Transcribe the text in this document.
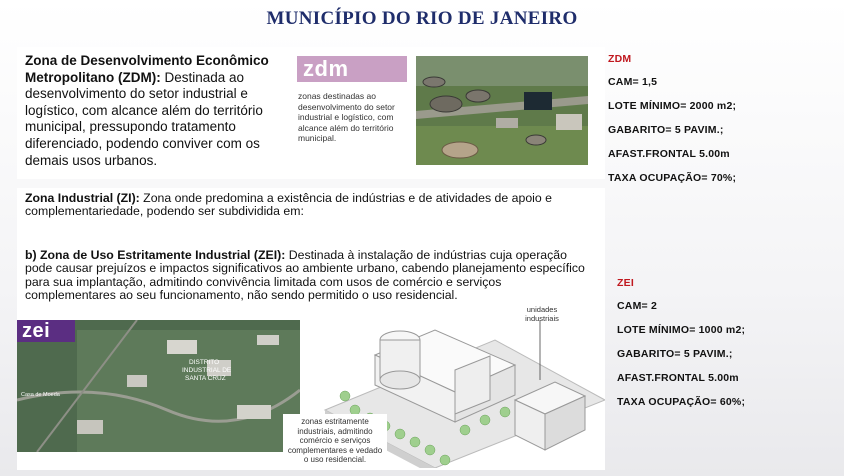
MUNICÍPIO DO RIO DE JANEIRO
Zona de Desenvolvimento Econômico Metropolitano (ZDM): Destinada ao desenvolvimento do setor industrial e logístico, com alcance além do território municipal, pressupondo tratamento diferenciado, podendo conviver com os demais usos urbanos.
zdm
zonas destinadas ao desenvolvimento do setor industrial e logístico, com alcance além do território municipal.
Zona Industrial (ZI): Zona onde predomina a existência de indústrias e de atividades de apoio e complementariedade, podendo ser subdividida em:
b) Zona de Uso Estritamente Industrial (ZEI): Destinada à instalação de indústrias cuja operação pode causar prejuízos e impactos significativos ao ambiente urbano, cabendo planejamento específico para sua implantação, admitindo convivência limitada com usos de comércio e serviços complementares ao seu funcionamento, não sendo permitido o uso residencial.
DISTRITO
INDUSTRIAL DE
SANTA CRUZ
Casa de Moeda
zei
unidades industriais
zonas estritamente industriais, admitindo comércio e serviços complementares e vedado o uso residencial.
ZDM
CAM= 1,5
LOTE MÍNIMO= 2000 m2;
GABARITO= 5 PAVIM.;
AFAST.FRONTAL 5.00m
TAXA OCUPAÇÃO= 70%;
ZEI
CAM= 2
LOTE MÍNIMO= 1000 m2;
GABARITO= 5 PAVIM.;
AFAST.FRONTAL 5.00m
TAXA OCUPAÇÃO= 60%;
